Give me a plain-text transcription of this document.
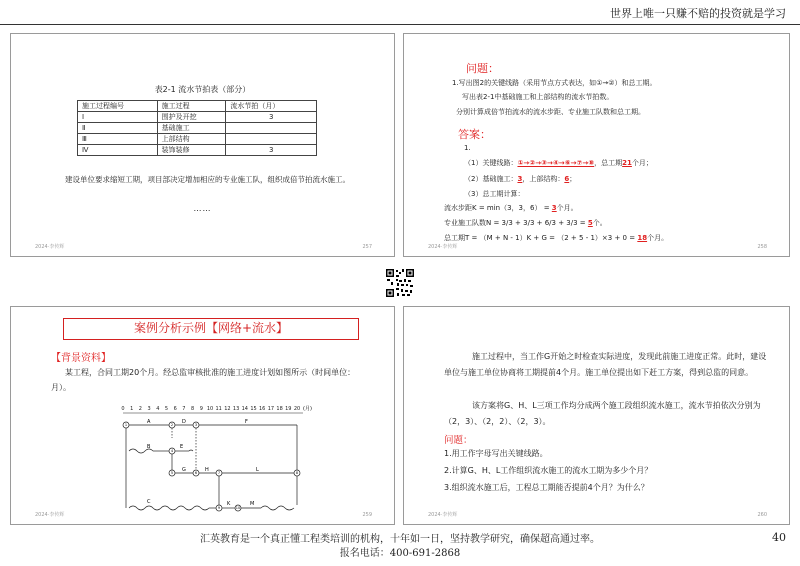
世界上唯一只赚不赔的投资就是学习
表2-1 流水节拍表（部分）
施工过程编号	施工过程	流水节拍（月）
Ⅰ	围护及开挖	3
Ⅱ	基础施工	
Ⅲ	上部结构	
Ⅳ	装饰装修	3
建设单位要求缩短工期，项目部决定增加相应的专业施工队，组织成倍节拍流水施工。
……
2024·李传辉	257
问题：
1.写出图2的关键线路（采用节点方式表达，如①→②）和总工期。
写出表2-1中基础施工和上部结构的流水节拍数。
分别计算成倍节拍流水的流水步距、专业施工队数和总工期。
答案：
1.
（1）关键线路：①→②→③→④→⑥→⑦→⑧，总工期21个月；
（2）基础施工：3，上部结构：6；
（3）总工期计算：
流水步距K = min（3，3，6） = 3个月。
专业施工队数N = 3/3 + 3/3 + 6/3 + 3/3 = 5个。
总工期T = （M + N - 1）K + G = （2 + 5 - 1）×3 + 0 = 18个月。
2024·李传辉	258
案例分析示例【网络+流水】
【背景资料】
某工程，合同工期20个月。经总监审核批准的施工进度计划如图所示（时间单位：月）。
0 1 2 3 4 5 6 7 8 9 10 11 12 13 14 15 16 17 18 19 20 (月)
1	2	3
4
5	6	7	8
9	10
A	D	F
B	E
G	H	L
C	K	M
2024·李传辉	259
施工过程中，当工作G开始之时检查实际进度，发现此前施工进度正常。此时，建设单位与施工单位协商将工期提前4个月。施工单位提出如下赶工方案，得到总监的同意。
该方案将G、H、L三项工作均分成两个施工段组织流水施工，流水节拍依次分别为（2，3）、（2，2）、（2，3）。
问题：
1.用工作字母写出关键线路。
2.计算G、H、L工作组织流水施工的流水工期为多少个月？
3.组织流水施工后，工程总工期能否提前4个月？为什么？
2024·李传辉	260
汇英教育是一个真正懂工程类培训的机构，十年如一日，坚持教学研究，确保超高通过率。
报名电话：400-691-2868
40
